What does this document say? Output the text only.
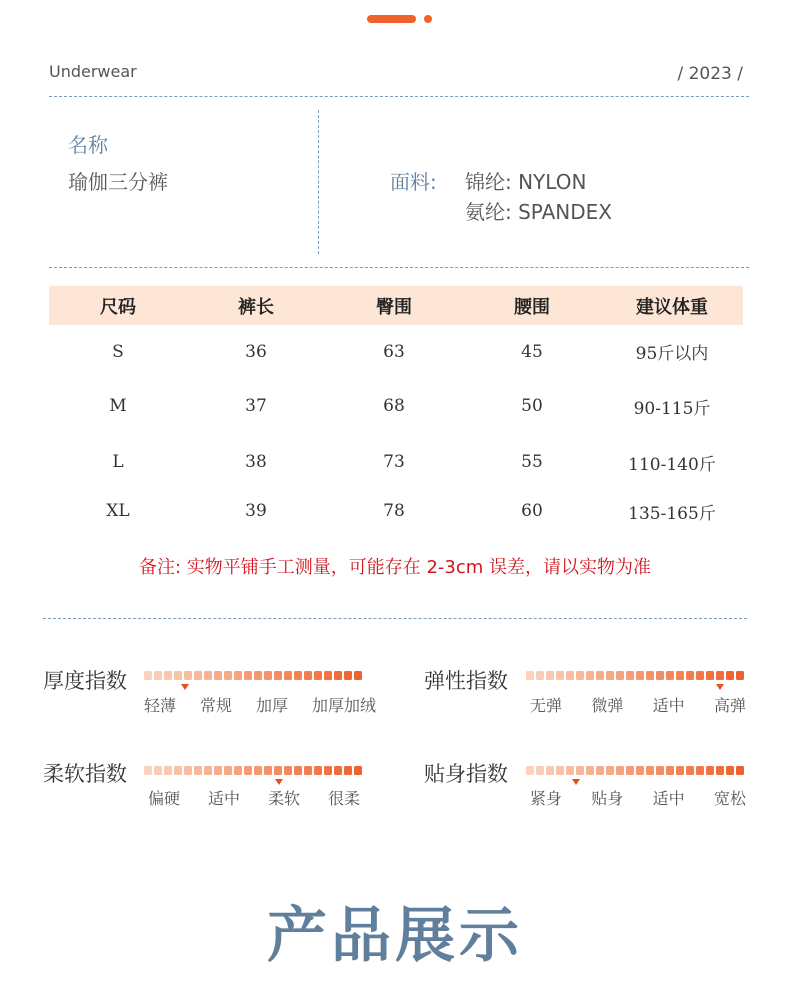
Underwear	/ 2023 /
名称
瑜伽三分裤	面料: 锦纶: NYLON
氨纶: SPANDEX
尺码	裤长	臀围	腰围	建议体重
S	36	63	45	95斤以内
M	37	68	50	90-115斤
L	38	73	55	110-140斤
XL	39	78	60	135-165斤
备注: 实物平铺手工测量，可能存在 2-3cm 误差，请以实物为准
厚度指数
轻薄 常规 加厚 加厚加绒
弹性指数
无弹 微弹 适中 高弹
柔软指数
偏硬 适中 柔软 很柔
贴身指数
紧身 贴身 适中 宽松
产品展示
